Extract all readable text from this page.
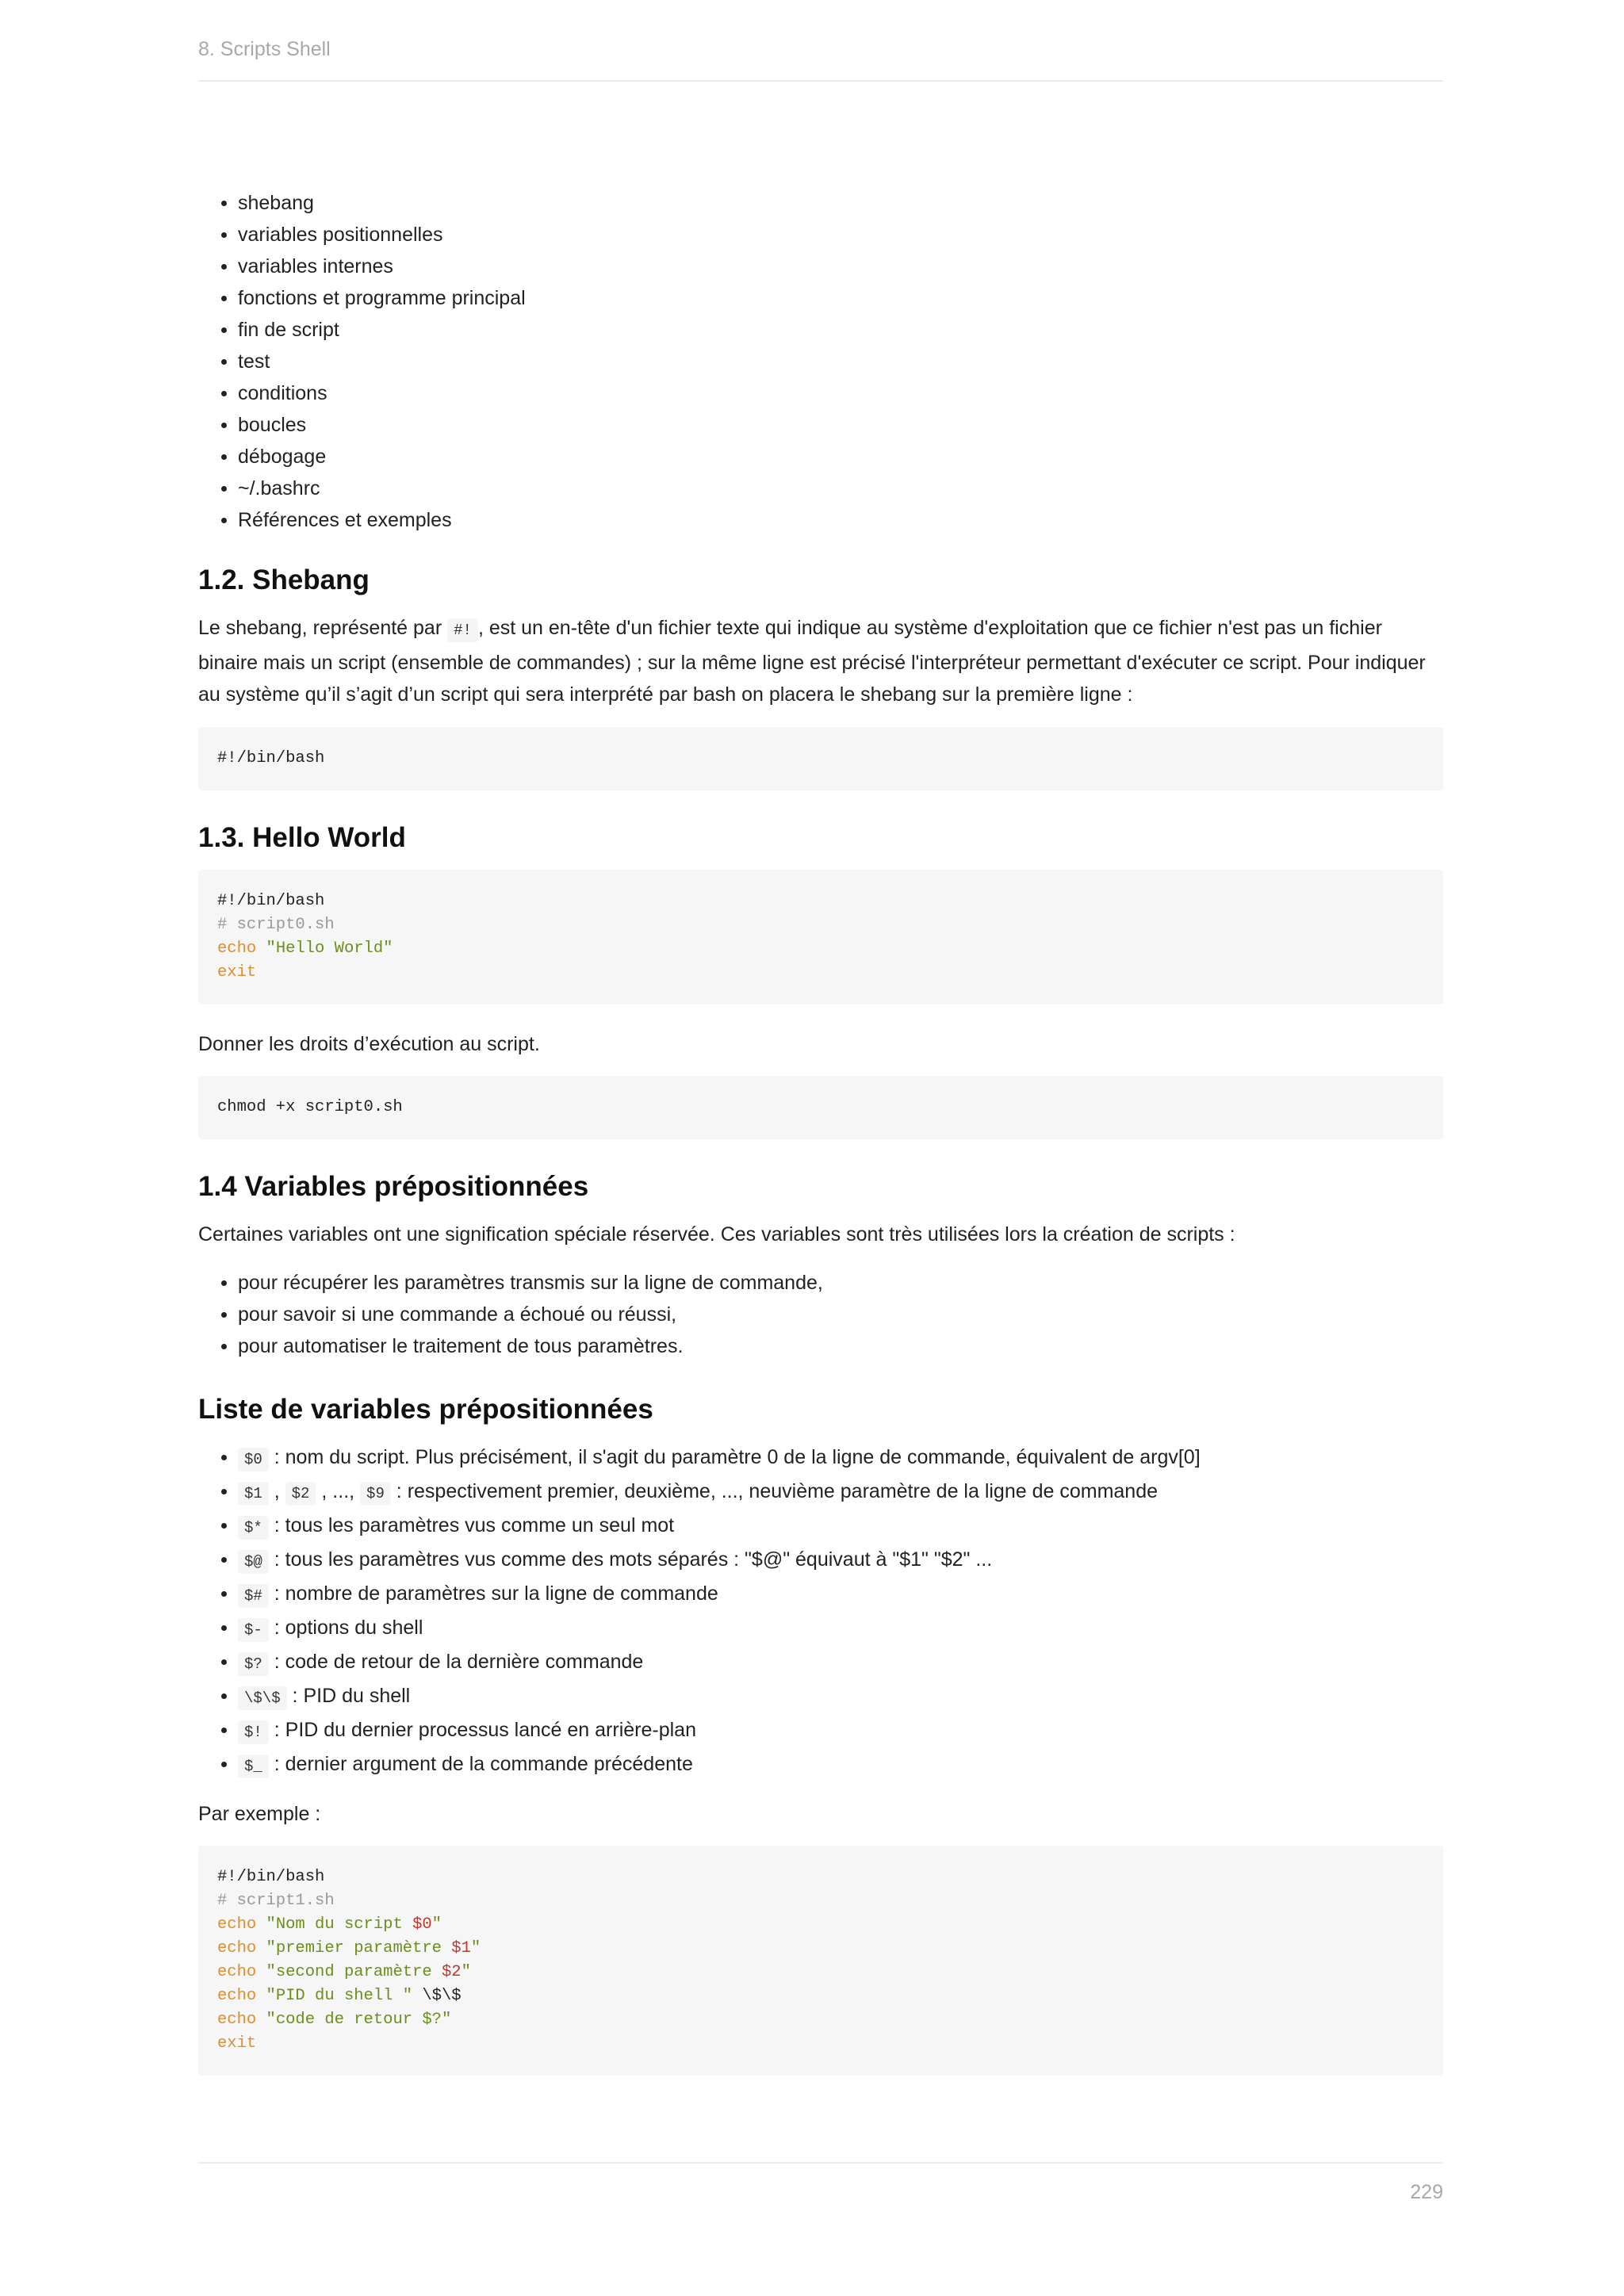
8. Scripts Shell
• shebang
• variables positionnelles
• variables internes
• fonctions et programme principal
• fin de script
• test
• conditions
• boucles
• débogage
• ~/.bashrc
• Références et exemples
1.2. Shebang

Le shebang, représenté par #! , est un en-tête d'un fichier texte qui indique au système d'exploitation que ce fichier n'est pas un fichier binaire mais un script (ensemble de commandes) ; sur la même ligne est précisé l'interpréteur permettant d'exécuter ce script. Pour indiquer au système qu’il s’agit d’un script qui sera interprété par bash on placera le shebang sur la première ligne :

#!/bin/bash
1.3. Hello World
#!/bin/bash
# script0.sh
echo "Hello World"
exit

Donner les droits d’exécution au script.

chmod +x script0.sh
1.4 Variables prépositionnées

Certaines variables ont une signification spéciale réservée. Ces variables sont très utilisées lors la création de scripts :

• pour récupérer les paramètres transmis sur la ligne de commande,
• pour savoir si une commande a échoué ou réussi,
• pour automatiser le traitement de tous paramètres.
Liste de variables prépositionnées
• $0 : nom du script. Plus précisément, il s'agit du paramètre 0 de la ligne de commande, équivalent de argv[0]
• $1 , $2 , ..., $9 : respectivement premier, deuxième, ..., neuvième paramètre de la ligne de commande
• $* : tous les paramètres vus comme un seul mot
• $@ : tous les paramètres vus comme des mots séparés : "$@" équivaut à "$1" "$2" ...
• $# : nombre de paramètres sur la ligne de commande
• $- : options du shell
• $? : code de retour de la dernière commande
• \$\$ : PID du shell
• $! : PID du dernier processus lancé en arrière-plan
• $_ : dernier argument de la commande précédente

Par exemple :

#!/bin/bash
# script1.sh
echo "Nom du script $0"
echo "premier paramètre $1"
echo "second paramètre $2"
echo "PID du shell " \$\$
echo "code de retour $?"
exit
229
